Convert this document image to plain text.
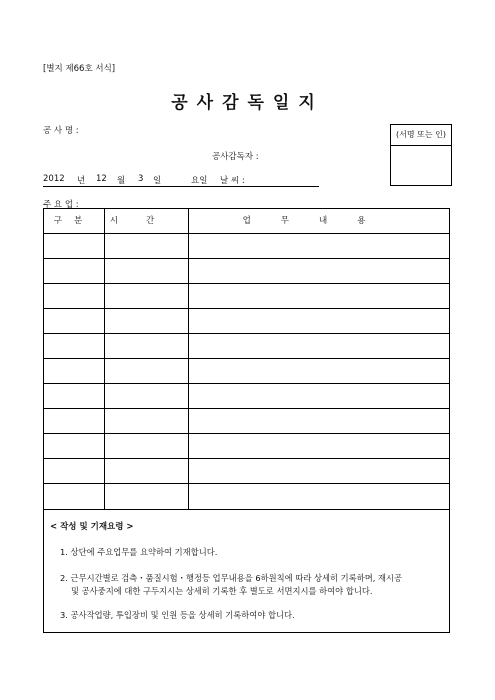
[별지 제66호 서식]
공사감독일지
공 사 명 :
공사감독자 :
2012 년 12 월 3 일	요일 날 씨 :
(서명 또는 인)
주 요 업 :
구분	시간	업무내용
< 작성 및 기재요령 >
1. 상단에 주요업무를 요약하여 기재합니다.
2. 근무시간별로 검측・품질시험・행정등 업무내용을 6하원칙에 따라 상세히 기록하며, 재시공
및 공사중지에 대한 구두지시는 상세히 기록한 후 별도로 서면지시를 하여야 합니다.
3. 공사작업량, 투입장비 및 인원 등을 상세히 기록하여야 합니다.
